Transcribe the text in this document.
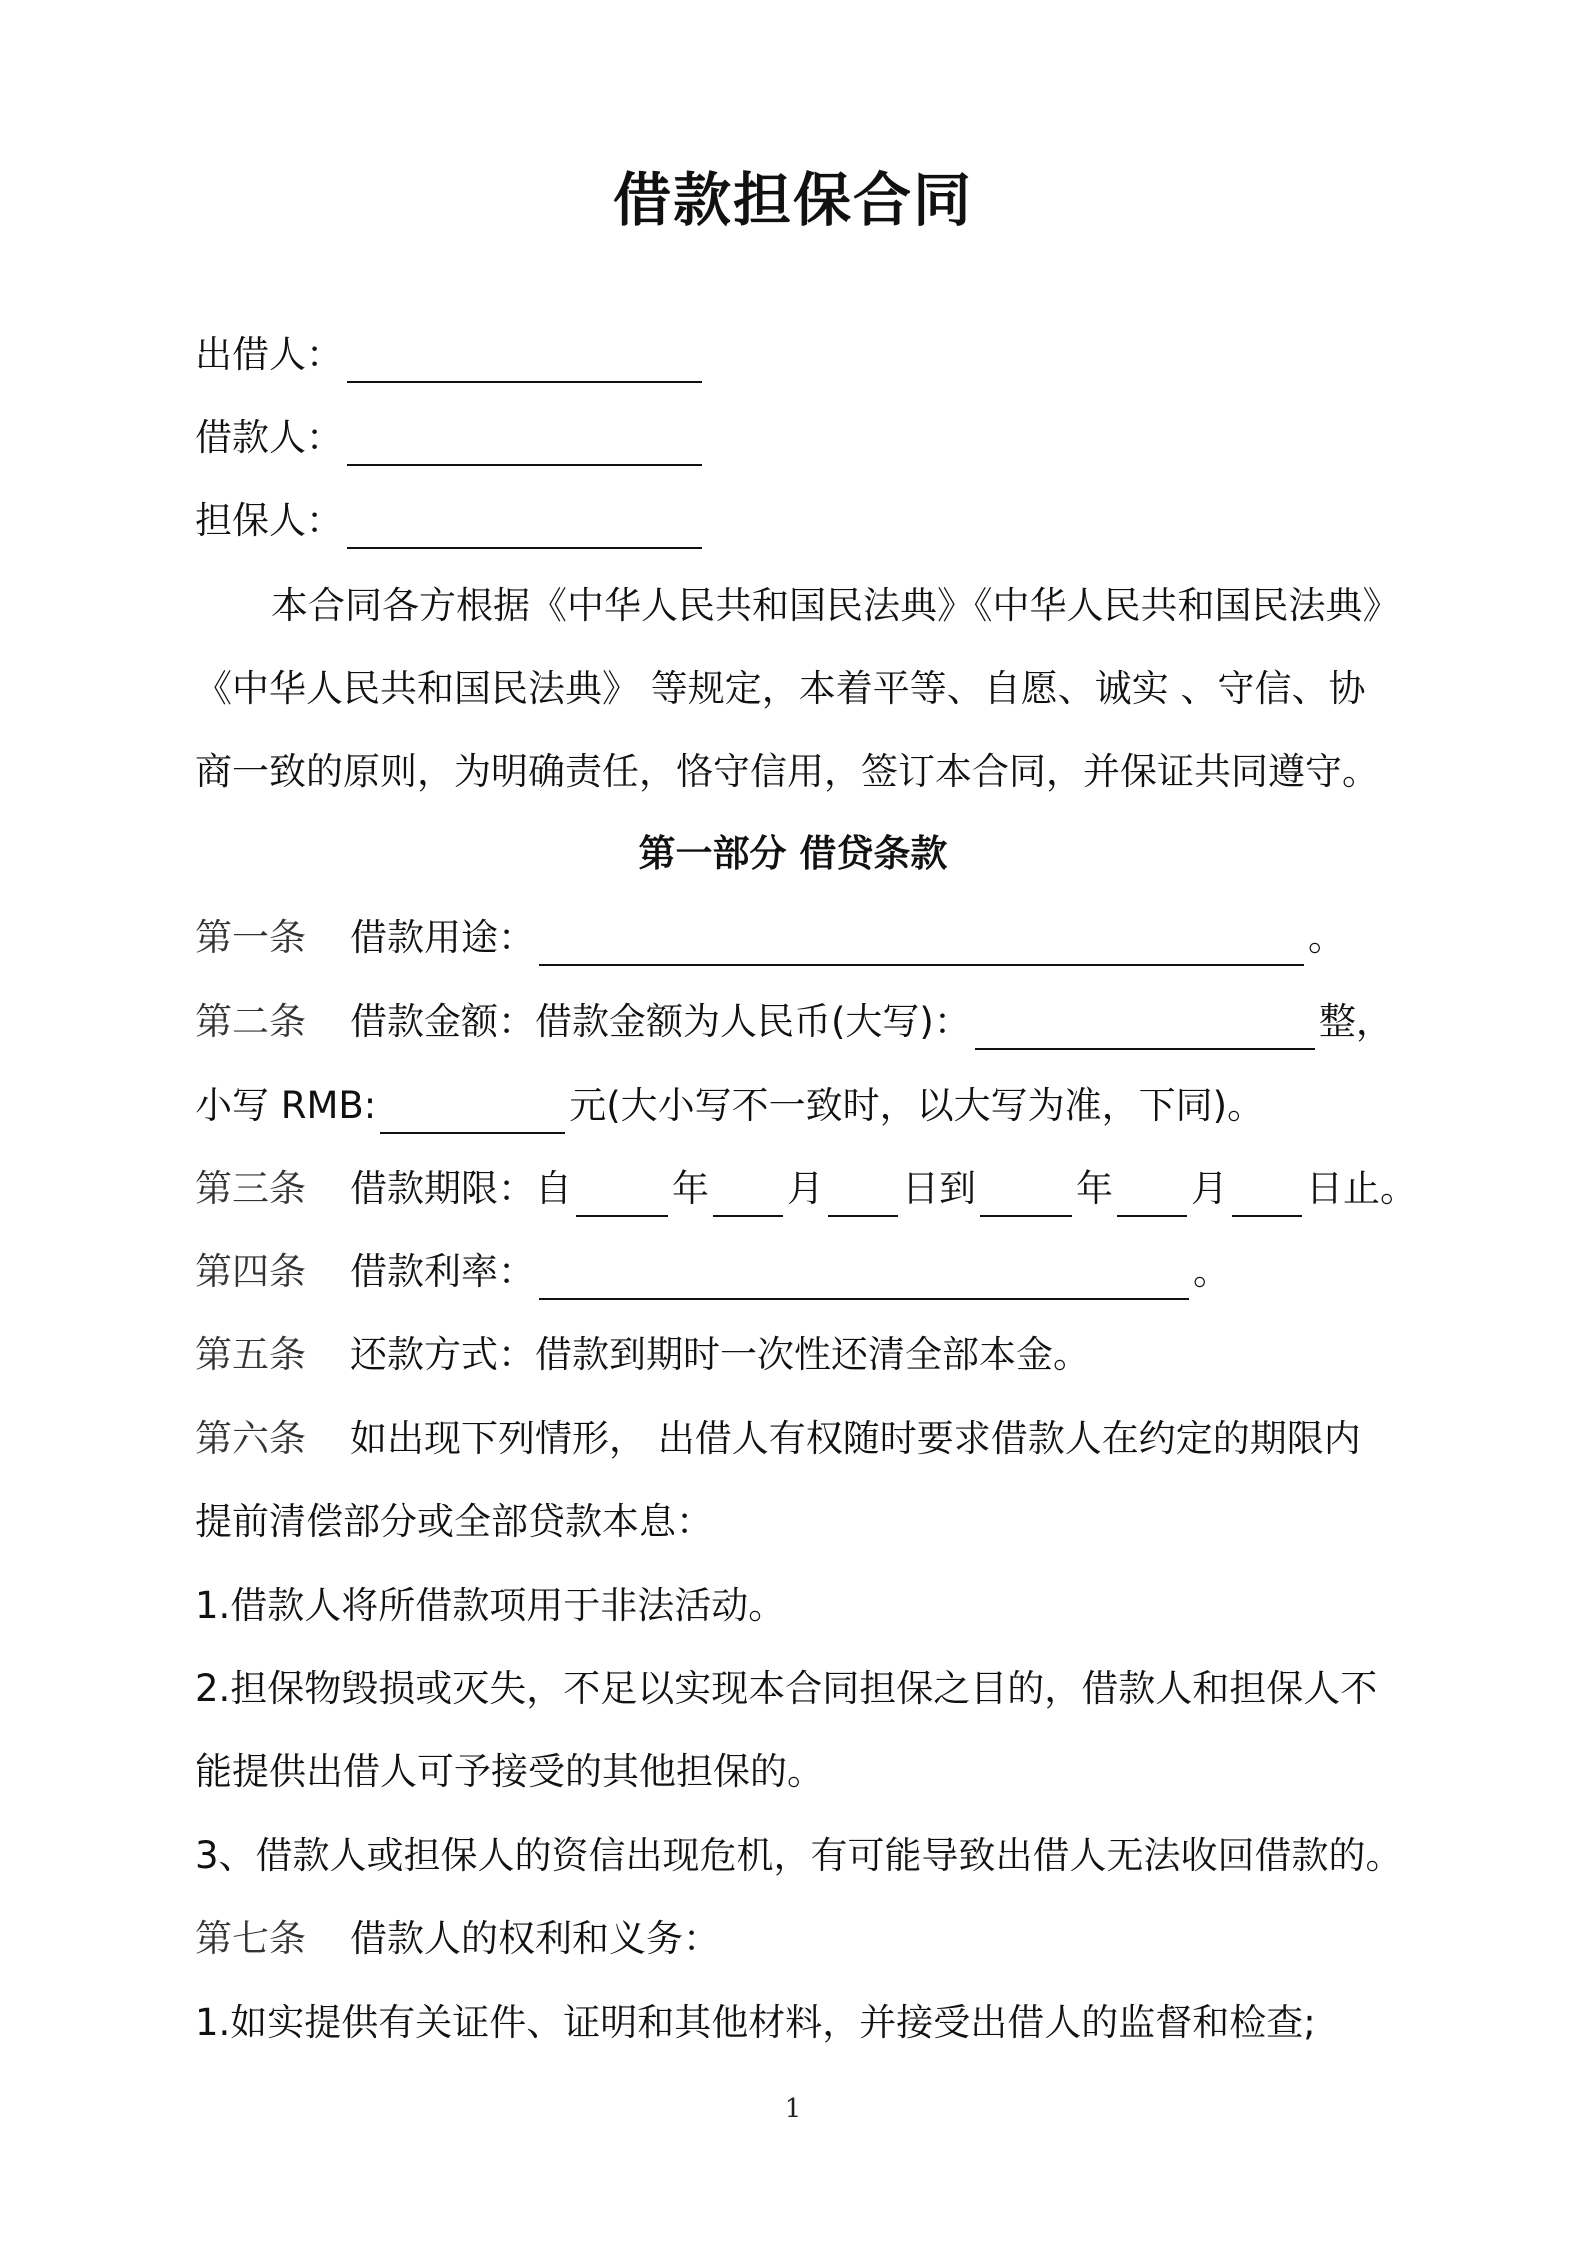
借款担保合同
出借人：
借款人：
担保人：
本合同各方根据《中华人民共和国民法典》《中华人民共和国民法典》
《中华人民共和国民法典》 等规定，本着平等、自愿、诚实 、守信、协
商一致的原则，为明确责任，恪守信用，签订本合同，并保证共同遵守。
第一部分 借贷条款
第一条 借款用途：	。
第二条 借款金额：借款金额为人民币(大写)：	整，
小写 RMB:	元(大小写不一致时，以大写为准，下同)。
第三条 借款期限：自	年 月 日到	年 月 日止。
第四条 借款利率：	。
第五条 还款方式：借款到期时一次性还清全部本金。
第六条 如出现下列情形， 出借人有权随时要求借款人在约定的期限内
提前清偿部分或全部贷款本息：
1.借款人将所借款项用于非法活动。
2.担保物毁损或灭失，不足以实现本合同担保之目的，借款人和担保人不
能提供出借人可予接受的其他担保的。
3、借款人或担保人的资信出现危机，有可能导致出借人无法收回借款的。
第七条 借款人的权利和义务：
1.如实提供有关证件、证明和其他材料，并接受出借人的监督和检查;
1
